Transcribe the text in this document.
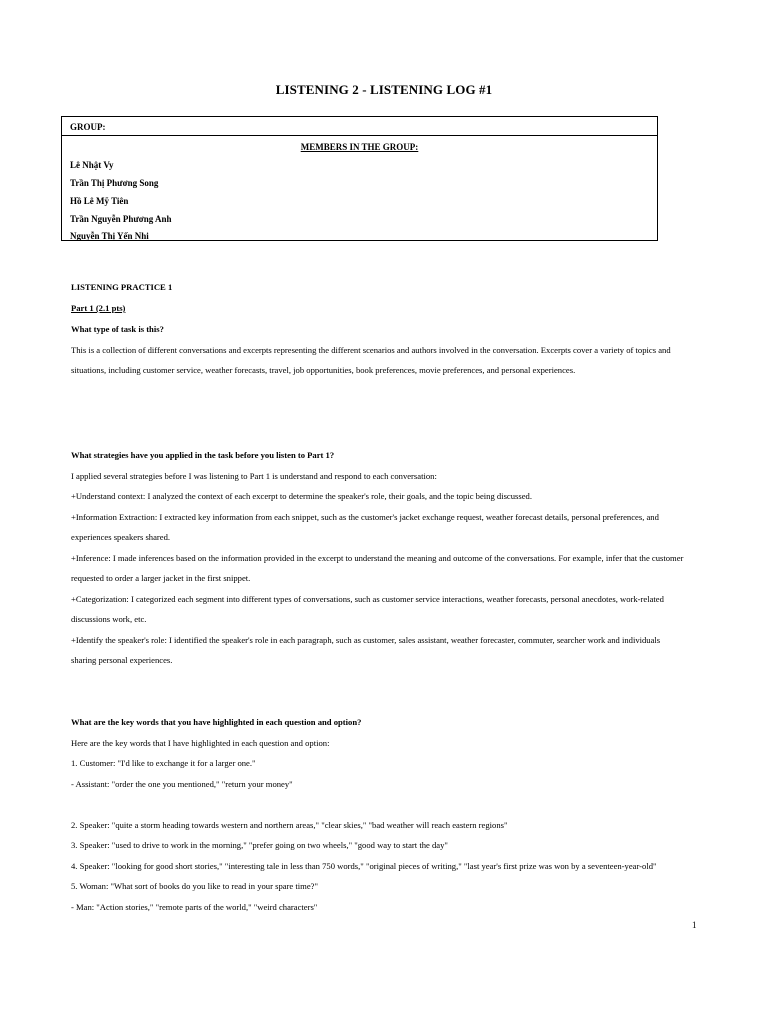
LISTENING 2 - LISTENING LOG #1
GROUP:
MEMBERS IN THE GROUP:
Lê Nhật Vy
Trần Thị Phương Song
Hồ Lê Mỹ Tiên
Trần Nguyễn Phương Anh
Nguyễn Thị Yến Nhi
LISTENING PRACTICE 1
Part 1 (2.1 pts)
What type of task is this?
This is a collection of different conversations and excerpts representing the different scenarios and authors involved in the conversation. Excerpts cover a variety of topics and
situations, including customer service, weather forecasts, travel, job opportunities, book preferences, movie preferences, and personal experiences.
What strategies have you applied in the task before you listen to Part 1?
I applied several strategies before I was listening to Part 1 is understand and respond to each conversation:
+Understand context: I analyzed the context of each excerpt to determine the speaker's role, their goals, and the topic being discussed.
+Information Extraction: I extracted key information from each snippet, such as the customer's jacket exchange request, weather forecast details, personal preferences, and
experiences speakers shared.
+Inference: I made inferences based on the information provided in the excerpt to understand the meaning and outcome of the conversations. For example, infer that the customer
requested to order a larger jacket in the first snippet.
+Categorization: I categorized each segment into different types of conversations, such as customer service interactions, weather forecasts, personal anecdotes, work-related
discussions work, etc.
+Identify the speaker's role: I identified the speaker's role in each paragraph, such as customer, sales assistant, weather forecaster, commuter, searcher work and individuals
sharing personal experiences.
What are the key words that you have highlighted in each question and option?
Here are the key words that I have highlighted in each question and option:
1. Customer: "I'd like to exchange it for a larger one."
- Assistant: "order the one you mentioned," "return your money"
2. Speaker: "quite a storm heading towards western and northern areas," "clear skies," "bad weather will reach eastern regions"
3. Speaker: "used to drive to work in the morning," "prefer going on two wheels," "good way to start the day"
4. Speaker: "looking for good short stories," "interesting tale in less than 750 words," "original pieces of writing," "last year's first prize was won by a seventeen-year-old"
5. Woman: "What sort of books do you like to read in your spare time?"
- Man: "Action stories," "remote parts of the world," "weird characters"
1
